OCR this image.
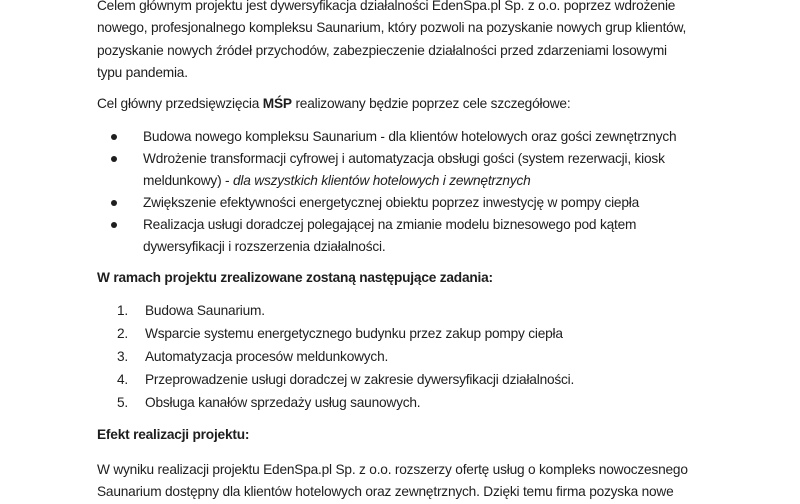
Celem głównym projektu jest dywersyfikacja działalności EdenSpa.pl Sp. z o.o. poprzez wdrożenie
nowego, profesjonalnego kompleksu Saunarium, który pozwoli na pozyskanie nowych grup klientów,
pozyskanie nowych źródeł przychodów, zabezpieczenie działalności przed zdarzeniami losowymi
typu pandemia.
Cel główny przedsięwzięcia MŚP realizowany będzie poprzez cele szczegółowe:
Budowa nowego kompleksu Saunarium - dla klientów hotelowych oraz gości zewnętrznych
Wdrożenie transformacji cyfrowej i automatyzacja obsługi gości (system rezerwacji, kiosk
meldunkowy) - dla wszystkich klientów hotelowych i zewnętrznych
Zwiększenie efektywności energetycznej obiektu poprzez inwestycję w pompy ciepła
Realizacja usługi doradczej polegającej na zmianie modelu biznesowego pod kątem
dywersyfikacji i rozszerzenia działalności.
W ramach projektu zrealizowane zostaną następujące zadania:
1. Budowa Saunarium.
2. Wsparcie systemu energetycznego budynku przez zakup pompy ciepła
3. Automatyzacja procesów meldunkowych.
4. Przeprowadzenie usługi doradczej w zakresie dywersyfikacji działalności.
5. Obsługa kanałów sprzedaży usług saunowych.
Efekt realizacji projektu:
W wyniku realizacji projektu EdenSpa.pl Sp. z o.o. rozszerzy ofertę usług o kompleks nowoczesnego
Saunarium dostępny dla klientów hotelowych oraz zewnętrznych. Dzięki temu firma pozyska nowe
